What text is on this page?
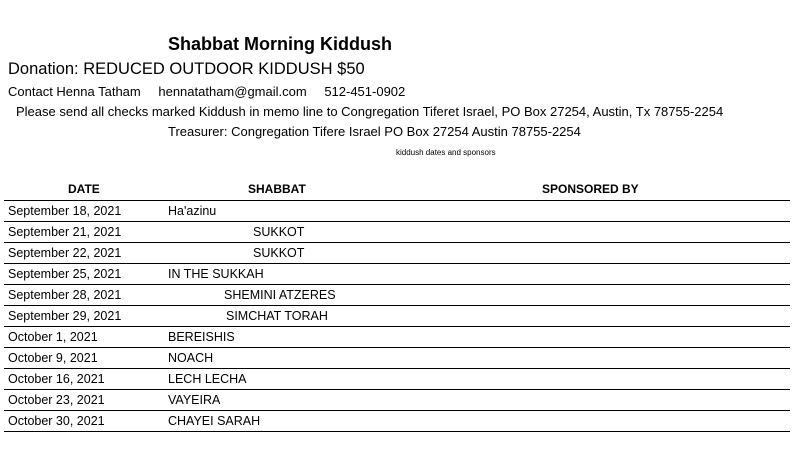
Shabbat Morning Kiddush
Donation: REDUCED OUTDOOR KIDDUSH $50
Contact Henna Tatham hennatatham@gmail.com 512-451-0902
Please send all checks marked Kiddush in memo line to Congregation Tiferet Israel, PO Box 27254, Austin, Tx 78755-2254
Treasurer: Congregation Tifere Israel PO Box 27254 Austin 78755-2254
kiddush dates and sponsors
DATE	SHABBAT	SPONSORED BY
September 18, 2021	Ha'azinu
September 21, 2021	SUKKOT
September 22, 2021	SUKKOT
September 25, 2021	IN THE SUKKAH
September 28, 2021	SHEMINI ATZERES
September 29, 2021	SIMCHAT TORAH
October 1, 2021	BEREISHIS
October 9, 2021	NOACH
October 16, 2021	LECH LECHA
October 23, 2021	VAYEIRA
October 30, 2021	CHAYEI SARAH
